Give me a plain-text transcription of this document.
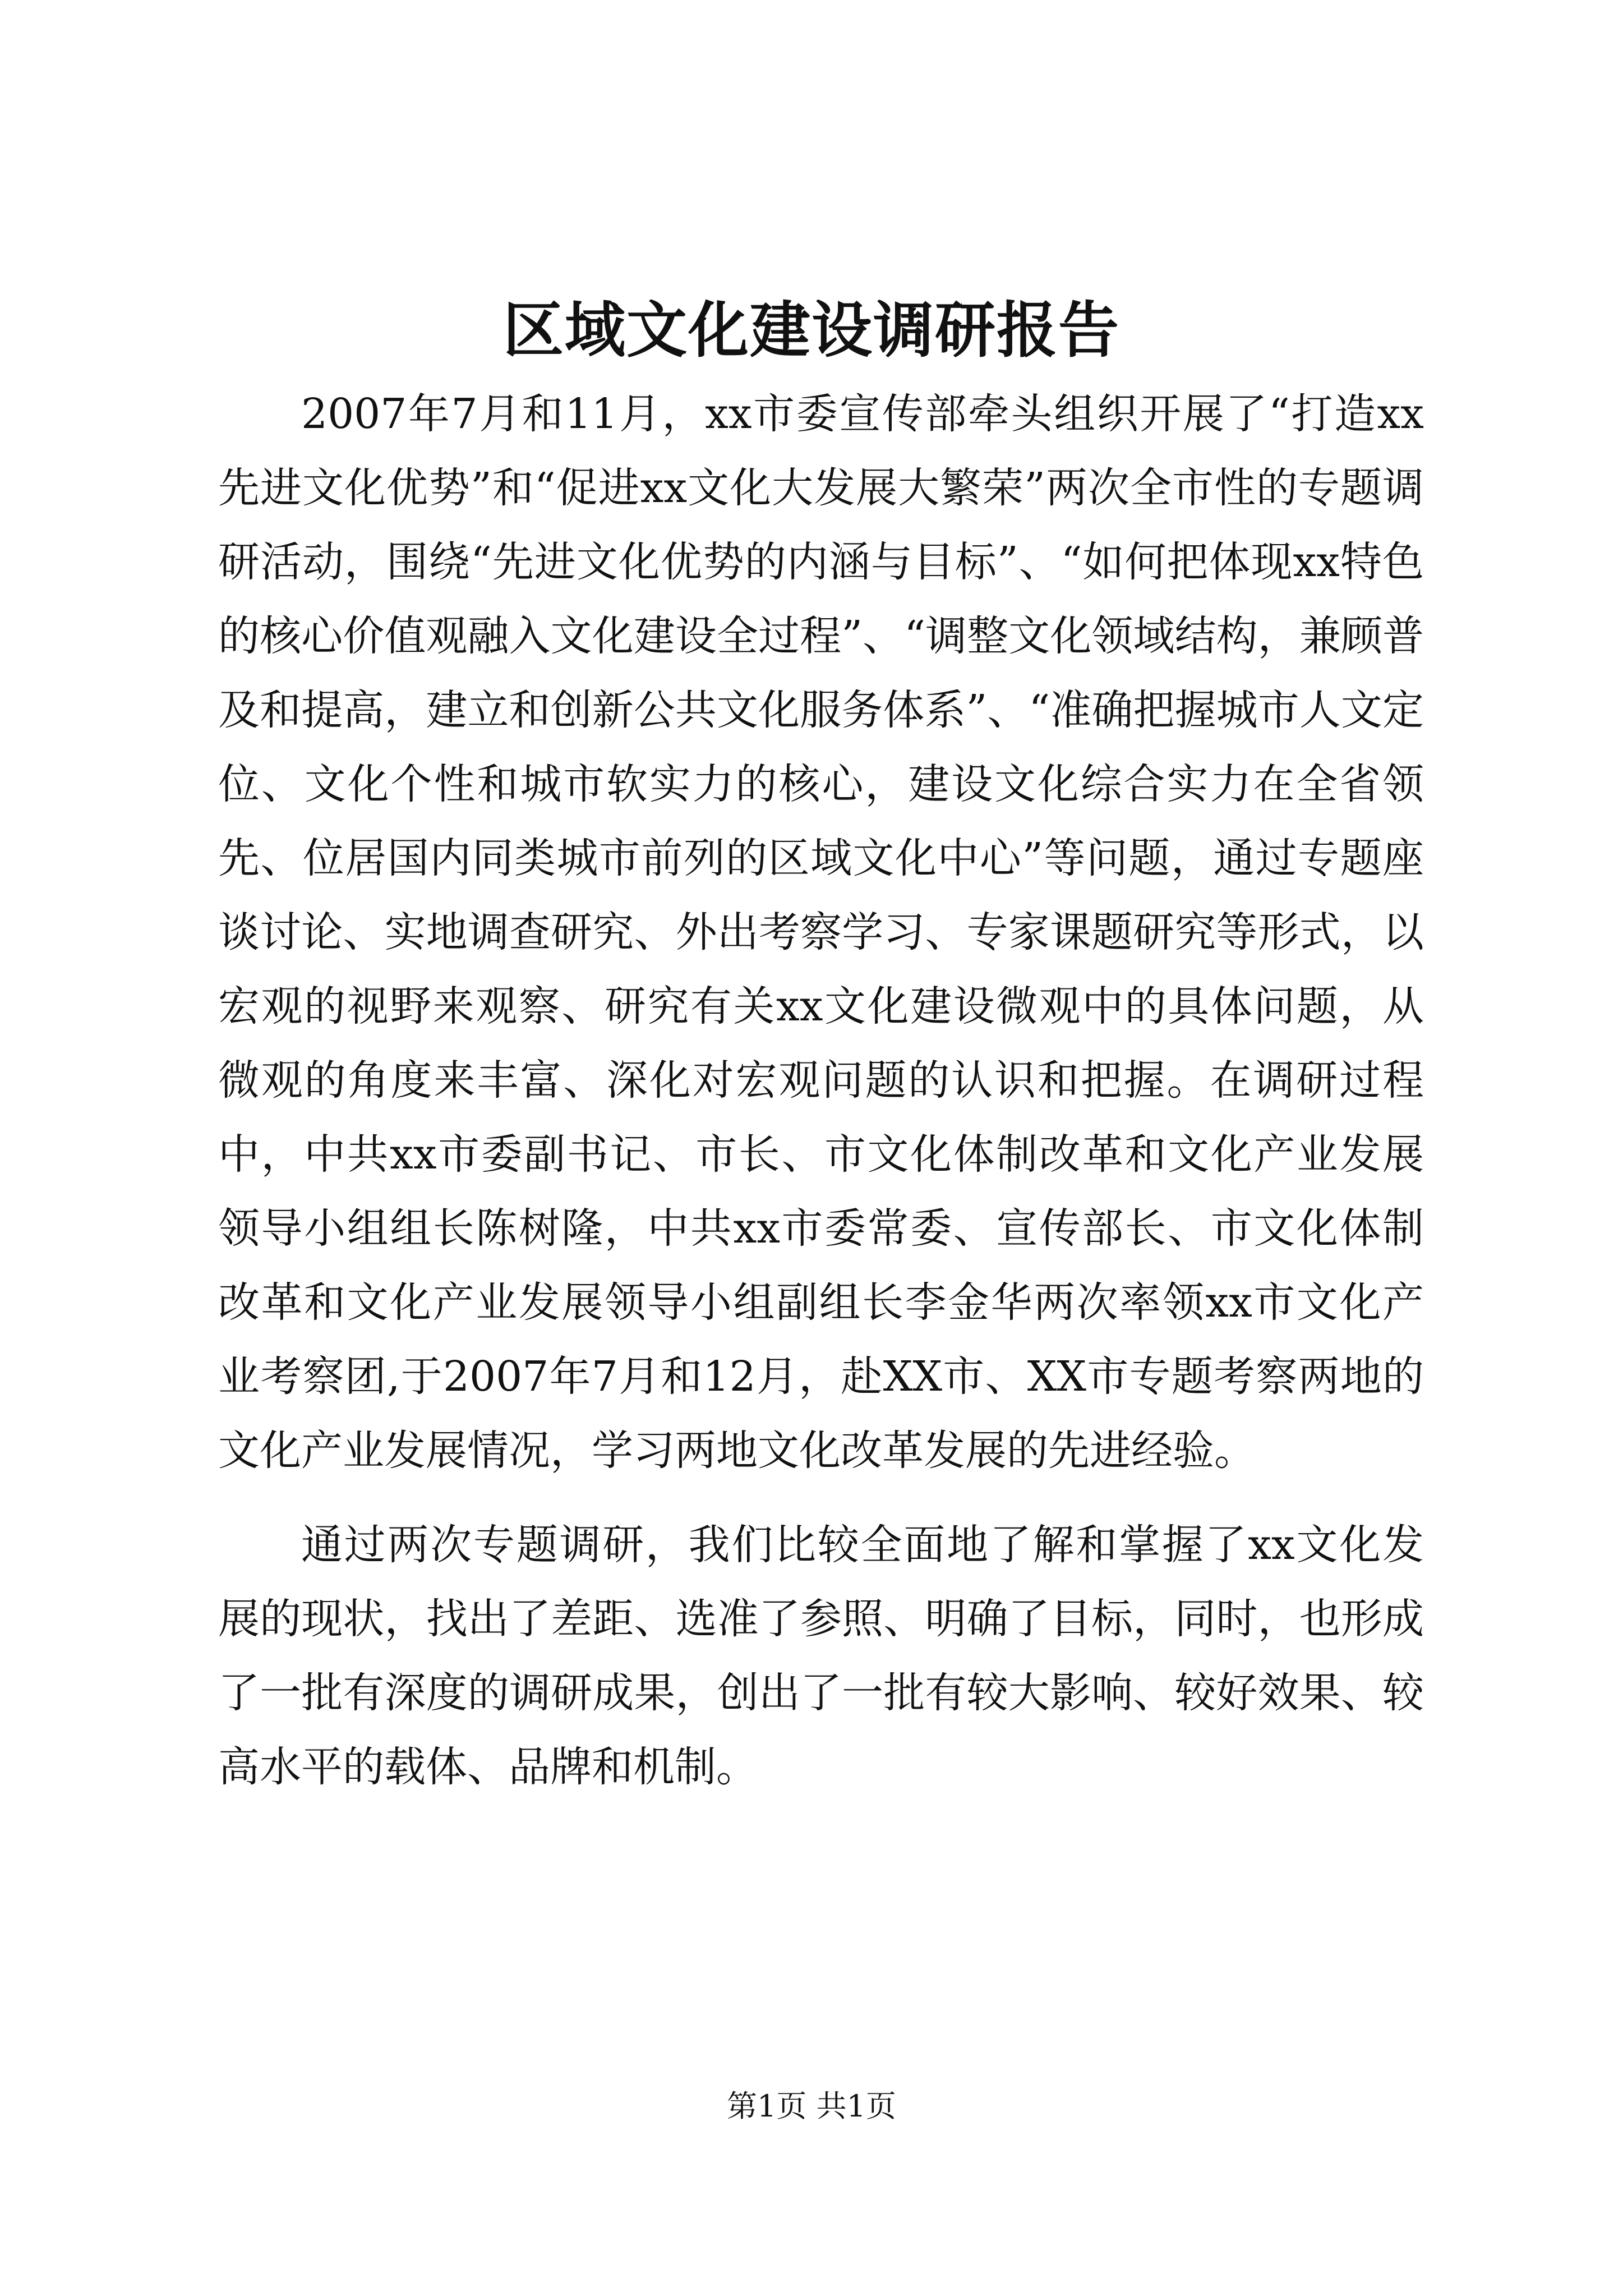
区域文化建设调研报告

2007年7月和11月，xx市委宣传部牵头组织开展了“打造xx先进文化优势”和“促进xx文化大发展大繁荣”两次全市性的专题调研活动，围绕“先进文化优势的内涵与目标”、“如何把体现xx特色的核心价值观融入文化建设全过程”、“调整文化领域结构，兼顾普及和提高，建立和创新公共文化服务体系”、“准确把握城市人文定位、文化个性和城市软实力的核心，建设文化综合实力在全省领先、位居国内同类城市前列的区域文化中心”等问题，通过专题座谈讨论、实地调查研究、外出考察学习、专家课题研究等形式，以宏观的视野来观察、研究有关xx文化建设微观中的具体问题，从微观的角度来丰富、深化对宏观问题的认识和把握。在调研过程中，中共xx市委副书记、市长、市文化体制改革和文化产业发展领导小组组长陈树隆，中共xx市委常委、宣传部长、市文化体制改革和文化产业发展领导小组副组长李金华两次率领xx市文化产业考察团,于2007年7月和12月，赴XX市、XX市专题考察两地的文化产业发展情况，学习两地文化改革发展的先进经验。

通过两次专题调研，我们比较全面地了解和掌握了xx文化发展的现状，找出了差距、选准了参照、明确了目标，同时，也形成了一批有深度的调研成果，创出了一批有较大影响、较好效果、较高水平的载体、品牌和机制。

第1页 共1页
